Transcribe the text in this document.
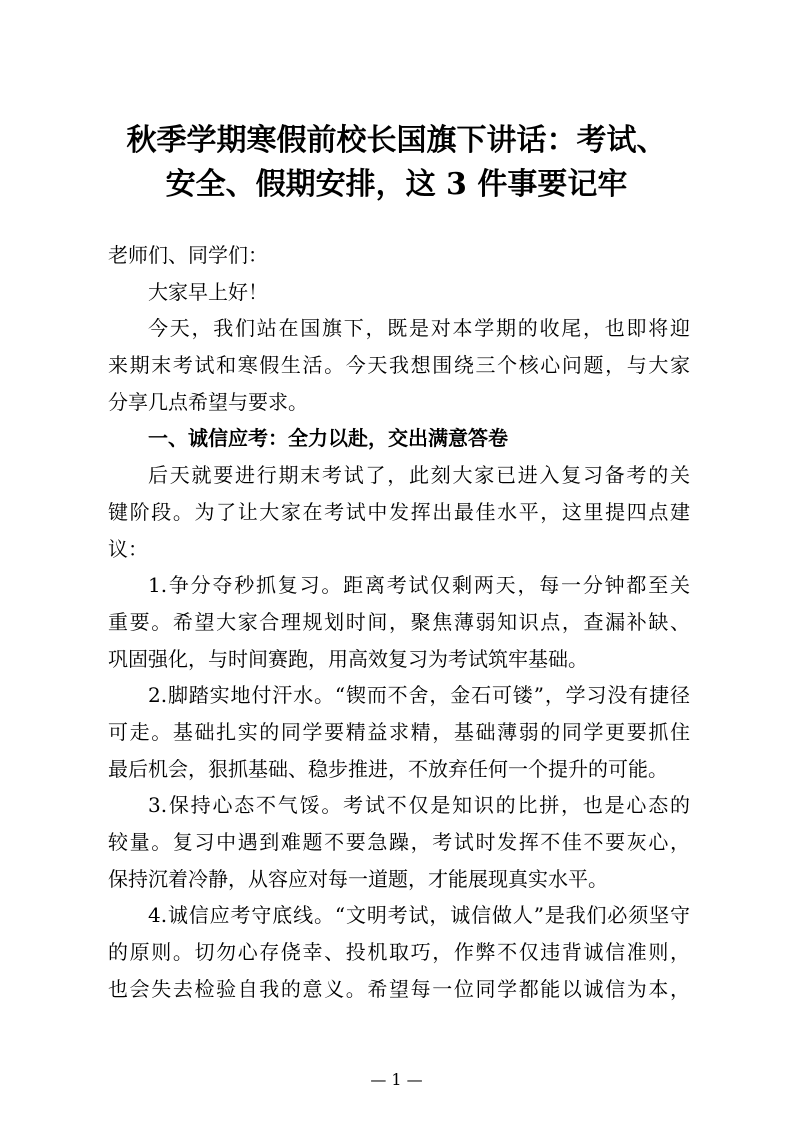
秋季学期寒假前校长国旗下讲话：考试、
安全、假期安排，这 3 件事要记牢
老师们、同学们：
大家早上好！
今天，我们站在国旗下，既是对本学期的收尾，也即将迎
来期末考试和寒假生活。今天我想围绕三个核心问题，与大家
分享几点希望与要求。
一、诚信应考：全力以赴，交出满意答卷
后天就要进行期末考试了，此刻大家已进入复习备考的关
键阶段。为了让大家在考试中发挥出最佳水平，这里提四点建
议：
1.争分夺秒抓复习。距离考试仅剩两天，每一分钟都至关
重要。希望大家合理规划时间，聚焦薄弱知识点，查漏补缺、
巩固强化，与时间赛跑，用高效复习为考试筑牢基础。
2.脚踏实地付汗水。“锲而不舍，金石可镂”，学习没有捷径
可走。基础扎实的同学要精益求精，基础薄弱的同学更要抓住
最后机会，狠抓基础、稳步推进，不放弃任何一个提升的可能。
3.保持心态不气馁。考试不仅是知识的比拼，也是心态的
较量。复习中遇到难题不要急躁，考试时发挥不佳不要灰心，
保持沉着冷静，从容应对每一道题，才能展现真实水平。
4.诚信应考守底线。“文明考试，诚信做人”是我们必须坚守
的原则。切勿心存侥幸、投机取巧，作弊不仅违背诚信准则，
也会失去检验自我的意义。希望每一位同学都能以诚信为本，
— 1 —
